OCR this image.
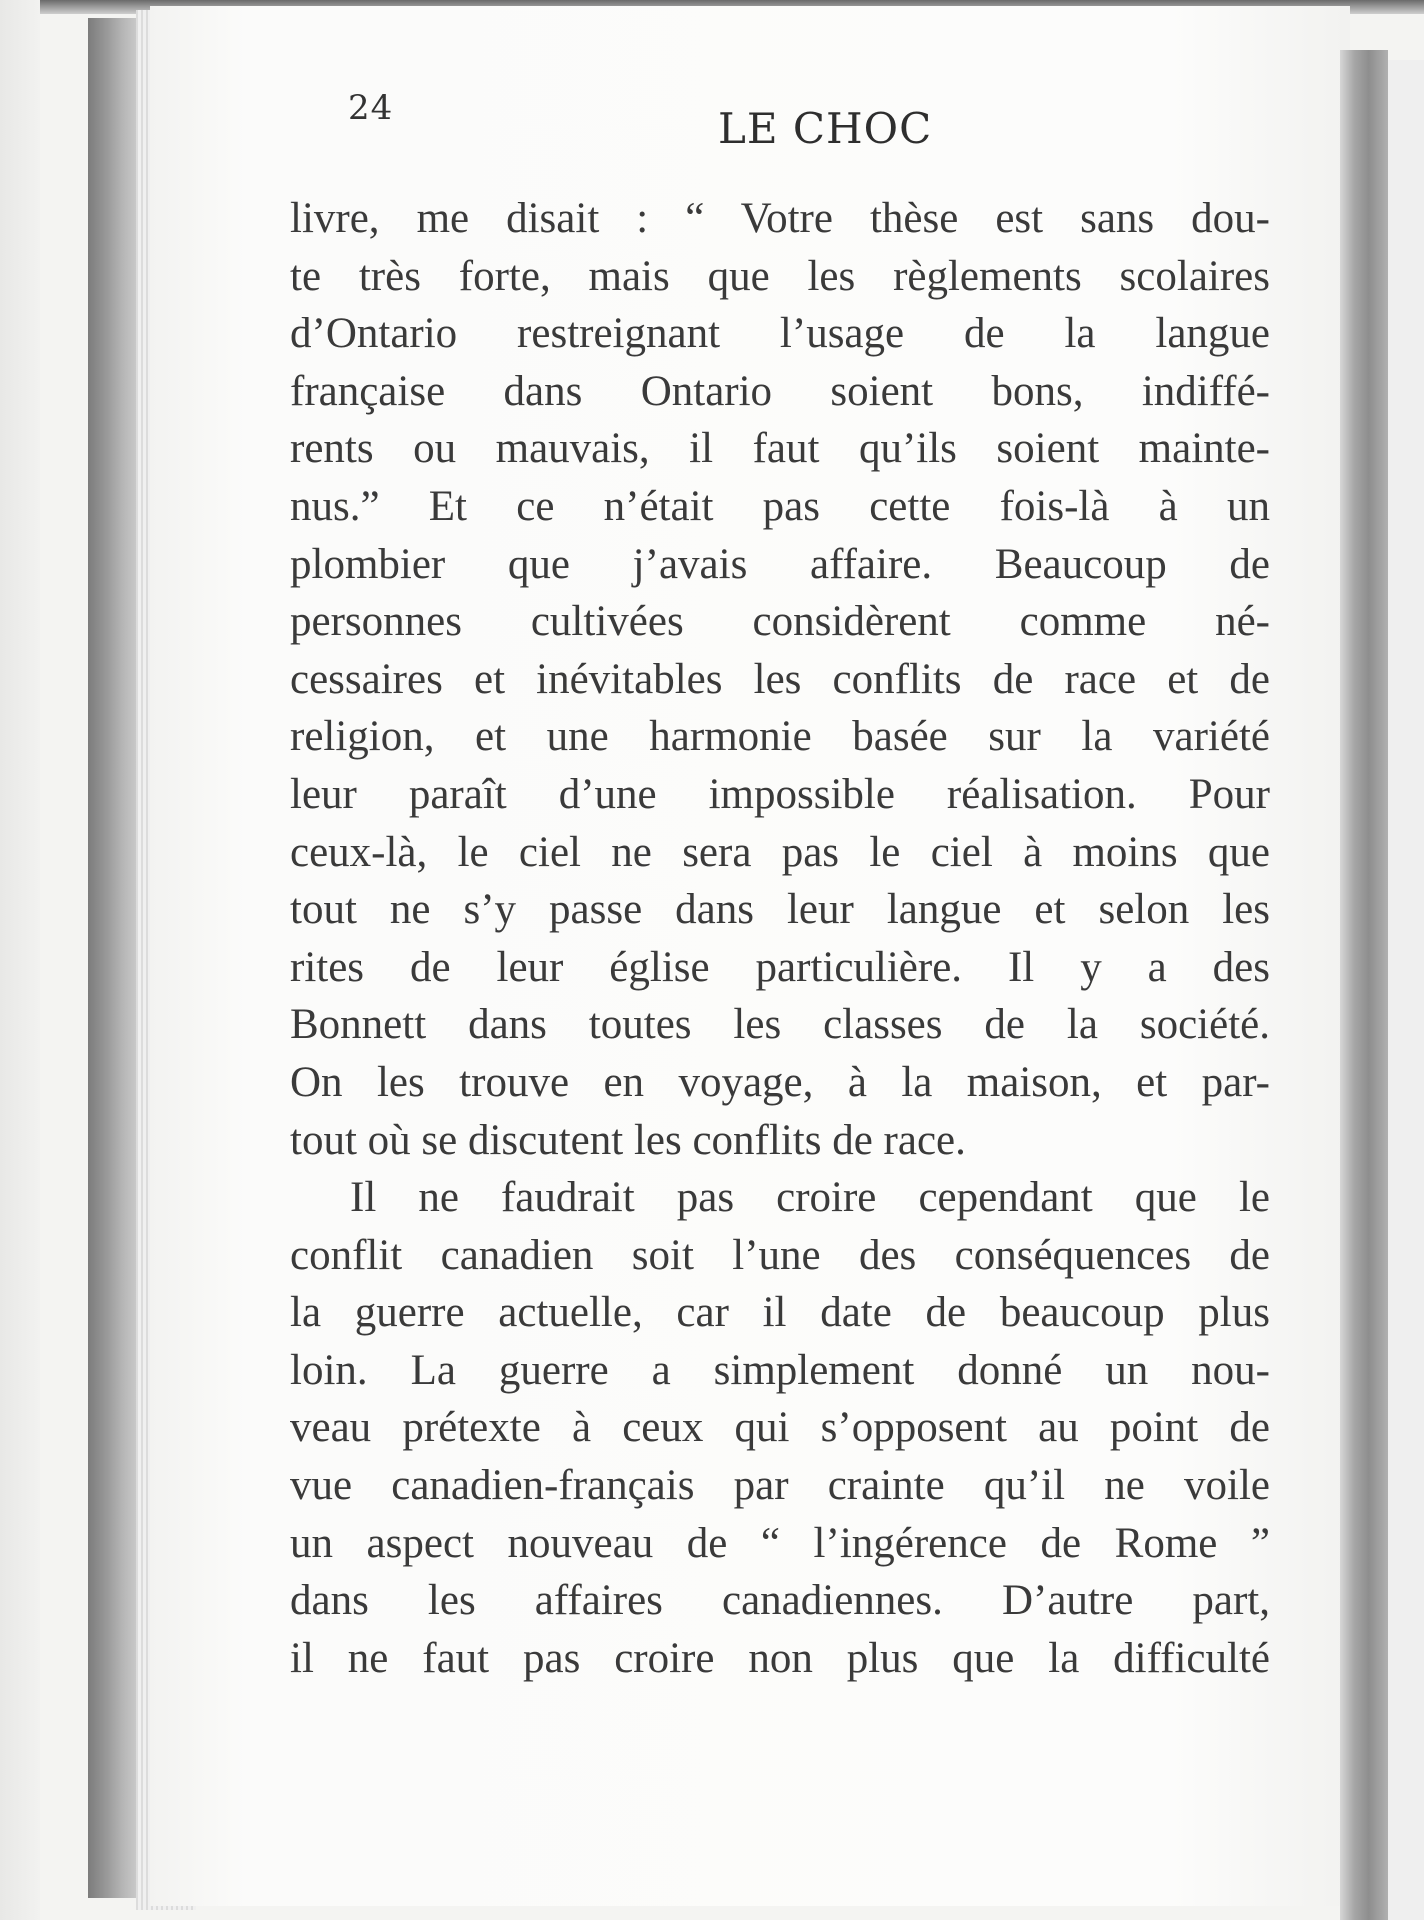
24	LE CHOC
livre, me disait : “ Votre thèse est sans dou-
te très forte, mais que les règlements scolaires
d’Ontario restreignant l’usage de la langue
française dans Ontario soient bons, indiffé-
rents ou mauvais, il faut qu’ils soient mainte-
nus.” Et ce n’était pas cette fois-là à un
plombier que j’avais affaire. Beaucoup de
personnes cultivées considèrent comme né-
cessaires et inévitables les conflits de race et de
religion, et une harmonie basée sur la variété
leur paraît d’une impossible réalisation. Pour
ceux-là, le ciel ne sera pas le ciel à moins que
tout ne s’y passe dans leur langue et selon les
rites de leur église particulière. Il y a des
Bonnett dans toutes les classes de la société.
On les trouve en voyage, à la maison, et par-
tout où se discutent les conflits de race.
Il ne faudrait pas croire cependant que le
conflit canadien soit l’une des conséquences de
la guerre actuelle, car il date de beaucoup plus
loin. La guerre a simplement donné un nou-
veau prétexte à ceux qui s’opposent au point de
vue canadien-français par crainte qu’il ne voile
un aspect nouveau de “ l’ingérence de Rome ”
dans les affaires canadiennes. D’autre part,
il ne faut pas croire non plus que la difficulté
